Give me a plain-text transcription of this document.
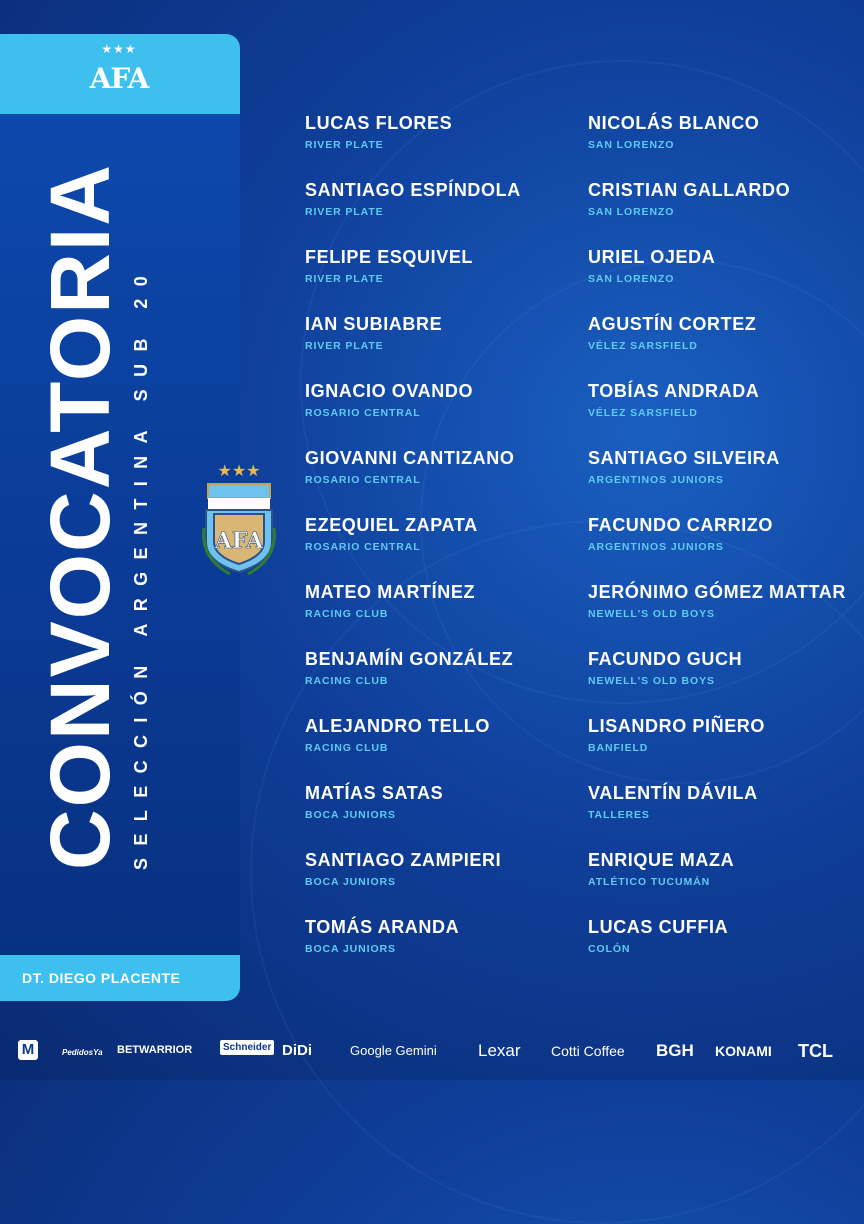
★★★
AFA
CONVOCATORIA SELECCIÓN ARGENTINA SUB 20	★★★
AFA
DT. DIEGO PLACENTE
LUCAS FLORES
RIVER PLATE
SANTIAGO ESPÍNDOLA
RIVER PLATE
FELIPE ESQUIVEL
RIVER PLATE
IAN SUBIABRE
RIVER PLATE
IGNACIO OVANDO
ROSARIO CENTRAL
GIOVANNI CANTIZANO
ROSARIO CENTRAL
EZEQUIEL ZAPATA
ROSARIO CENTRAL
MATEO MARTÍNEZ
RACING CLUB
BENJAMÍN GONZÁLEZ
RACING CLUB
ALEJANDRO TELLO
RACING CLUB
MATÍAS SATAS
BOCA JUNIORS
SANTIAGO ZAMPIERI
BOCA JUNIORS
TOMÁS ARANDA
BOCA JUNIORS
NICOLÁS BLANCO
SAN LORENZO
CRISTIAN GALLARDO
SAN LORENZO
URIEL OJEDA
SAN LORENZO
AGUSTÍN CORTEZ
VÉLEZ SARSFIELD
TOBÍAS ANDRADA
VÉLEZ SARSFIELD
SANTIAGO SILVEIRA
ARGENTINOS JUNIORS
FACUNDO CARRIZO
ARGENTINOS JUNIORS
JERÓNIMO GÓMEZ MATTAR
NEWELL'S OLD BOYS
FACUNDO GUCH
NEWELL'S OLD BOYS
LISANDRO PIÑERO
BANFIELD
VALENTÍN DÁVILA
TALLERES
ENRIQUE MAZA
ATLÉTICO TUCUMÁN
LUCAS CUFFIA
COLÓN
M	PedidosYa BETWARRIOR	Schneider DiDi	Google Gemini Lexar Cotti Coffee BGH KONAMI TCL
